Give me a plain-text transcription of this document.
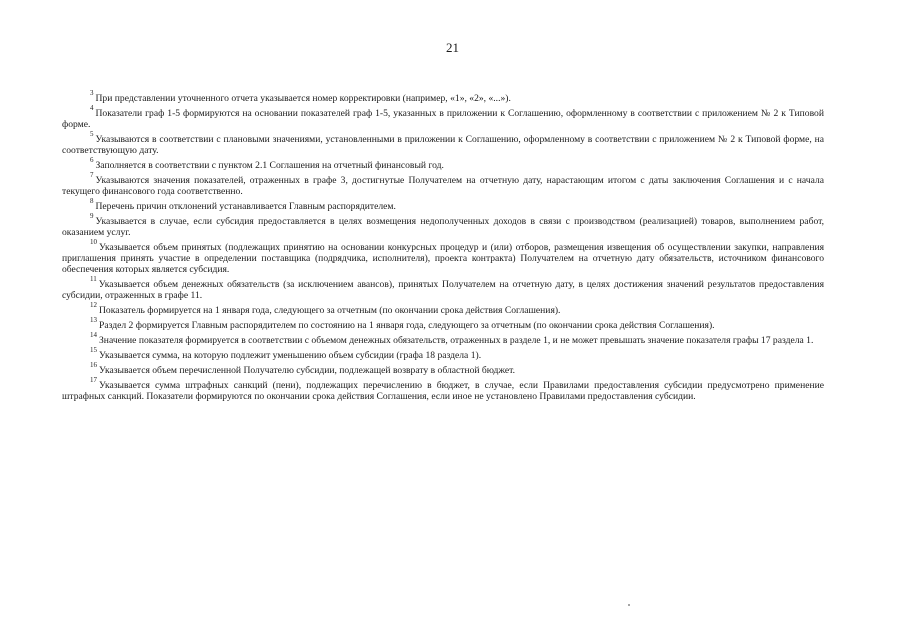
21

$^3$ При представлении уточненного отчета указывается номер корректировки (например, «1», «2», «...»).

$^4$ Показатели граф 1-5 формируются на основании показателей граф 1-5, указанных в приложении к Соглашению, оформленному в соответствии с приложением № 2 к Типовой форме.

$^5$ Указываются в соответствии с плановыми значениями, установленными в приложении к Соглашению, оформленному в соответствии с приложением № 2 к Типовой форме, на соответствующую дату.

$^6$ Заполняется в соответствии с пунктом 2.1 Соглашения на отчетный финансовый год.

$^7$ Указываются значения показателей, отраженных в графе 3, достигнутые Получателем на отчетную дату, нарастающим итогом с даты заключения Соглашения и с начала текущего финансового года соответственно.

$^8$ Перечень причин отклонений устанавливается Главным распорядителем.

$^9$ Указывается в случае, если субсидия предоставляется в целях возмещения недополученных доходов в связи с производством (реализацией) товаров, выполнением работ, оказанием услуг.

$^{10}$ Указывается объем принятых (подлежащих принятию на основании конкурсных процедур и (или) отборов, размещения извещения об осуществлении закупки, направления приглашения принять участие в определении поставщика (подрядчика, исполнителя), проекта контракта) Получателем на отчетную дату обязательств, источником финансового обеспечения которых является субсидия.

$^{11}$ Указывается объем денежных обязательств (за исключением авансов), принятых Получателем на отчетную дату, в целях достижения значений результатов предоставления субсидии, отраженных в графе 11.

$^{12}$ Показатель формируется на 1 января года, следующего за отчетным (по окончании срока действия Соглашения).

$^{13}$ Раздел 2 формируется Главным распорядителем по состоянию на 1 января года, следующего за отчетным (по окончании срока действия Соглашения).

$^{14}$ Значение показателя формируется в соответствии с объемом денежных обязательств, отраженных в разделе 1, и не может превышать значение показателя графы 17 раздела 1.

$^{15}$ Указывается сумма, на которую подлежит уменьшению объем субсидии (графа 18 раздела 1).

$^{16}$ Указывается объем перечисленной Получателю субсидии, подлежащей возврату в областной бюджет.

$^{17}$ Указывается сумма штрафных санкций (пени), подлежащих перечислению в бюджет, в случае, если Правилами предоставления субсидии предусмотрено применение штрафных санкций. Показатели формируются по окончании срока действия Соглашения, если иное не установлено Правилами предоставления субсидии.
